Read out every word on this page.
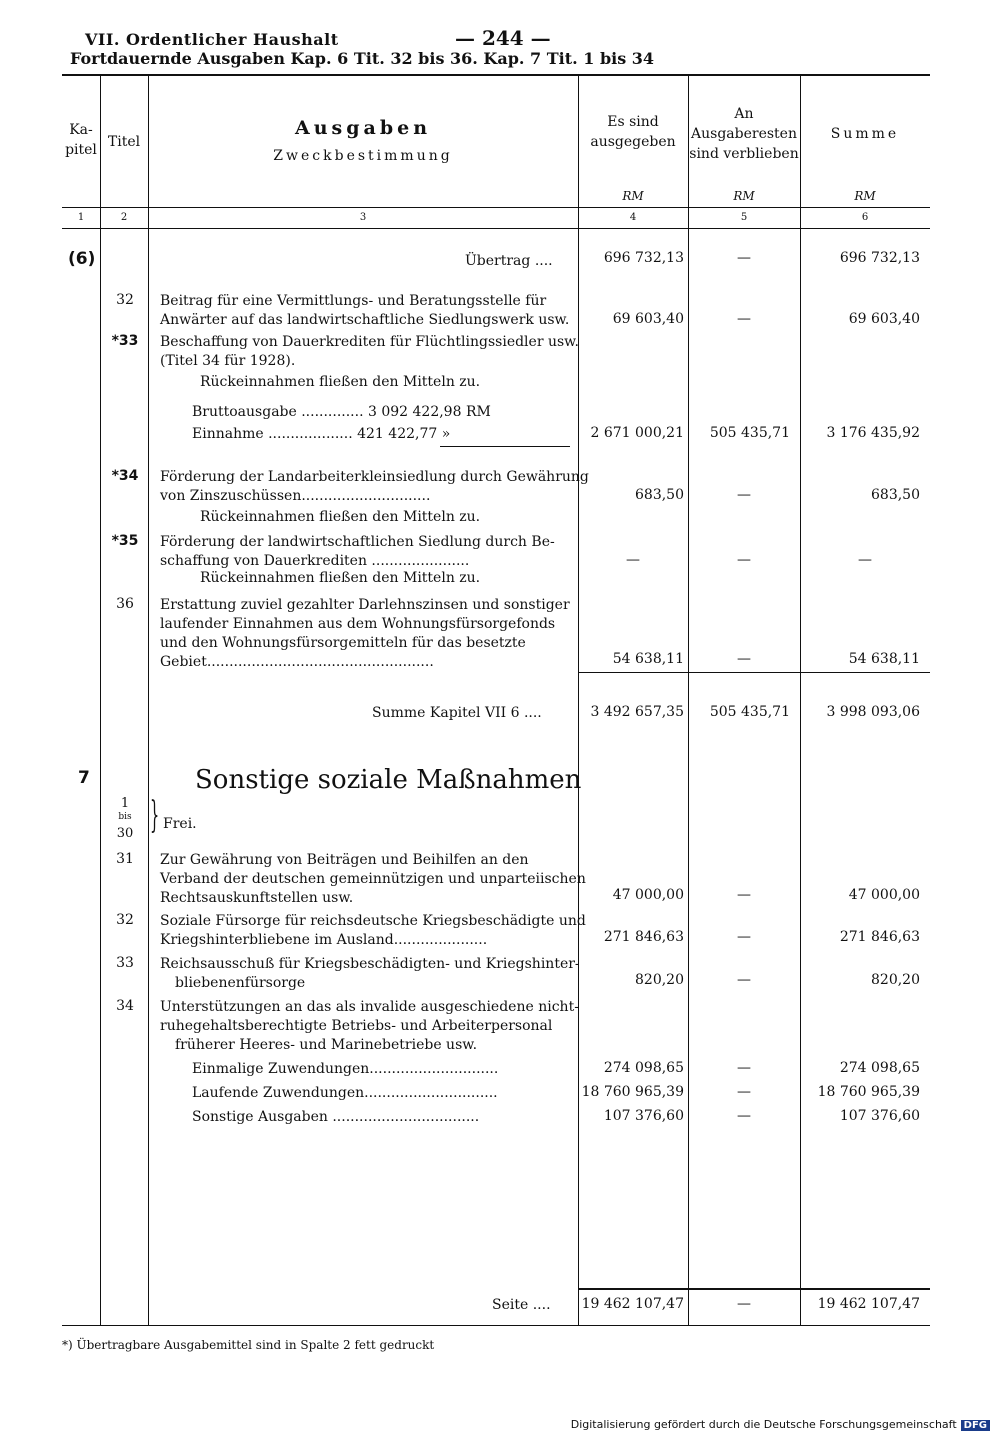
VII. Ordentlicher Haushalt	— 244 —
Fortdauernde Ausgaben Kap. 6 Tit. 32 bis 36. Kap. 7 Tit. 1 bis 34
Ka-
pitel Titel
Ausgaben
Zweckbestimmung
Es sind
ausgegeben
An
Ausgaberesten
sind verblieben
Summe
RM	RM	RM
1	2	3	4	5	6
(6)	Übertrag ....	696 732,13	—	696 732,13
32	Beitrag für eine Vermittlungs- und Beratungsstelle für
Anwärter auf das landwirtschaftliche Siedlungswerk usw.	69 603,40	—	69 603,40
*33	Beschaffung von Dauerkrediten für Flüchtlingssiedler usw.
(Titel 34 für 1928).
Rückeinnahmen fließen den Mitteln zu.
Bruttoausgabe .............. 3 092 422,98 RM
Einnahme ................... 421 422,77 »	2 671 000,21	505 435,71	3 176 435,92
*34	Förderung der Landarbeiterkleinsiedlung durch Gewährung
von Zinszuschüssen.............................
Rückeinnahmen fließen den Mitteln zu.
683,50	—	683,50
*35	Förderung der landwirtschaftlichen Siedlung durch Be-
schaffung von Dauerkrediten ......................
Rückeinnahmen fließen den Mitteln zu.
—	—	—
36	Erstattung zuviel gezahlter Darlehnszinsen und sonstiger
laufender Einnahmen aus dem Wohnungsfürsorgefonds
und den Wohnungsfürsorgemitteln für das besetzte
Gebiet...................................................	54 638,11	—	54 638,11
Summe Kapitel VII 6 ....	3 492 657,35	505 435,71	3 998 093,06
7	Sonstige soziale Maßnahmen
1
bis
30 } Frei.
31	Zur Gewährung von Beiträgen und Beihilfen an den
Verband der deutschen gemeinnützigen und unparteiischen
Rechtsauskunftstellen usw.	47 000,00	—	47 000,00
32	Soziale Fürsorge für reichsdeutsche Kriegsbeschädigte und
Kriegshinterbliebene im Ausland.....................	271 846,63	—	271 846,63
33	Reichsausschuß für Kriegsbeschädigten- und Kriegshinter-
bliebenenfürsorge	820,20	—	820,20
34	Unterstützungen an das als invalide ausgeschiedene nicht-
ruhegehaltsberechtigte Betriebs- und Arbeiterpersonal
früherer Heeres- und Marinebetriebe usw.
Einmalige Zuwendungen.............................	274 098,65	—	274 098,65
Laufende Zuwendungen..............................	18 760 965,39	—	18 760 965,39
Sonstige Ausgaben .................................	107 376,60	—	107 376,60
Seite .... 19 462 107,47	—	19 462 107,47
*) Übertragbare Ausgabemittel sind in Spalte 2 fett gedruckt
Digitalisierung gefördert durch die Deutsche Forschungsgemeinschaft DFG
